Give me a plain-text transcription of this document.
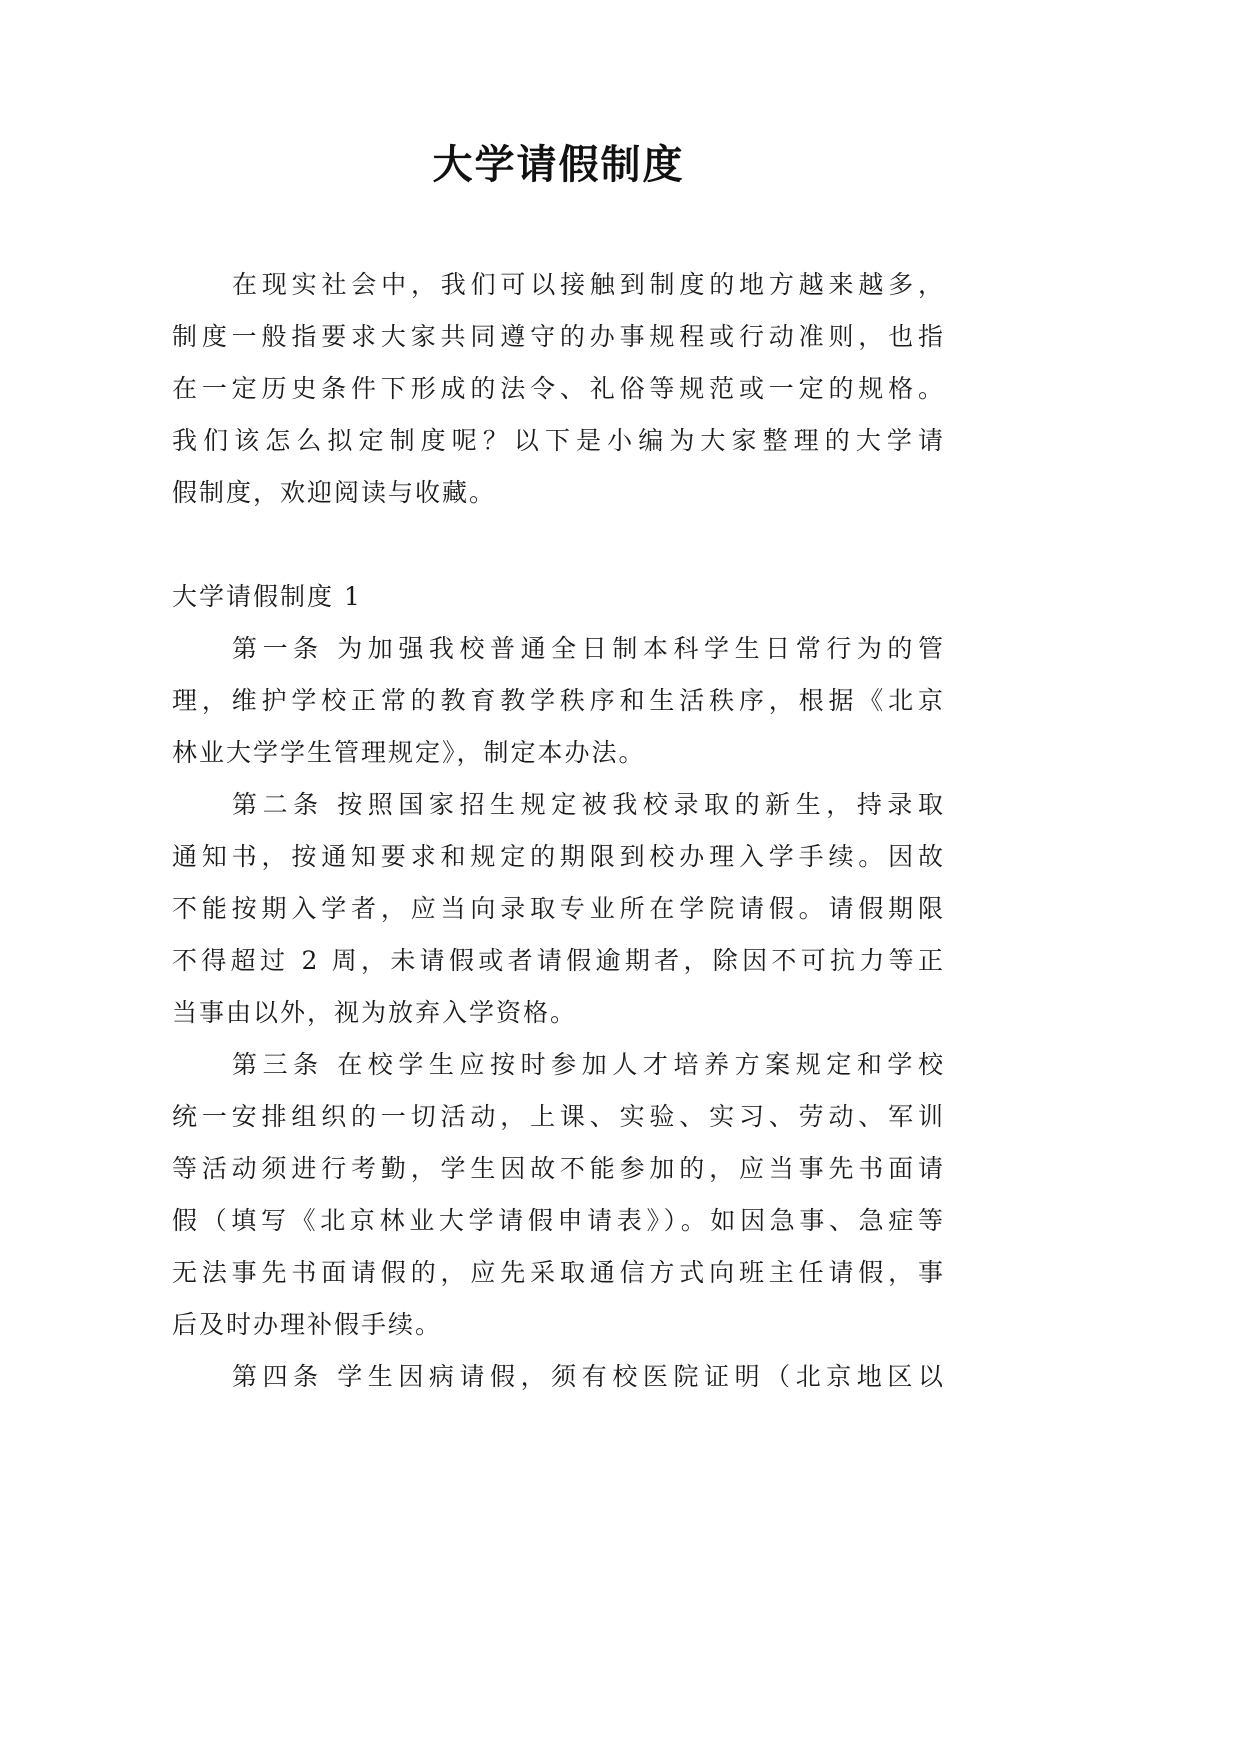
大学请假制度
在现实社会中，我们可以接触到制度的地方越来越多，
制度一般指要求大家共同遵守的办事规程或行动准则，也指
在一定历史条件下形成的法令、礼俗等规范或一定的规格。
我们该怎么拟定制度呢？以下是小编为大家整理的大学请
假制度，欢迎阅读与收藏。
大学请假制度 1
第一条 为加强我校普通全日制本科学生日常行为的管
理，维护学校正常的教育教学秩序和生活秩序，根据《北京
林业大学学生管理规定》，制定本办法。
第二条 按照国家招生规定被我校录取的新生，持录取
通知书，按通知要求和规定的期限到校办理入学手续。因故
不能按期入学者，应当向录取专业所在学院请假。请假期限
不得超过 2 周，未请假或者请假逾期者，除因不可抗力等正
当事由以外，视为放弃入学资格。
第三条 在校学生应按时参加人才培养方案规定和学校
统一安排组织的一切活动，上课、实验、实习、劳动、军训
等活动须进行考勤，学生因故不能参加的，应当事先书面请
假（填写《北京林业大学请假申请表》）。如因急事、急症等
无法事先书面请假的，应先采取通信方式向班主任请假，事
后及时办理补假手续。
第四条 学生因病请假，须有校医院证明（北京地区以
